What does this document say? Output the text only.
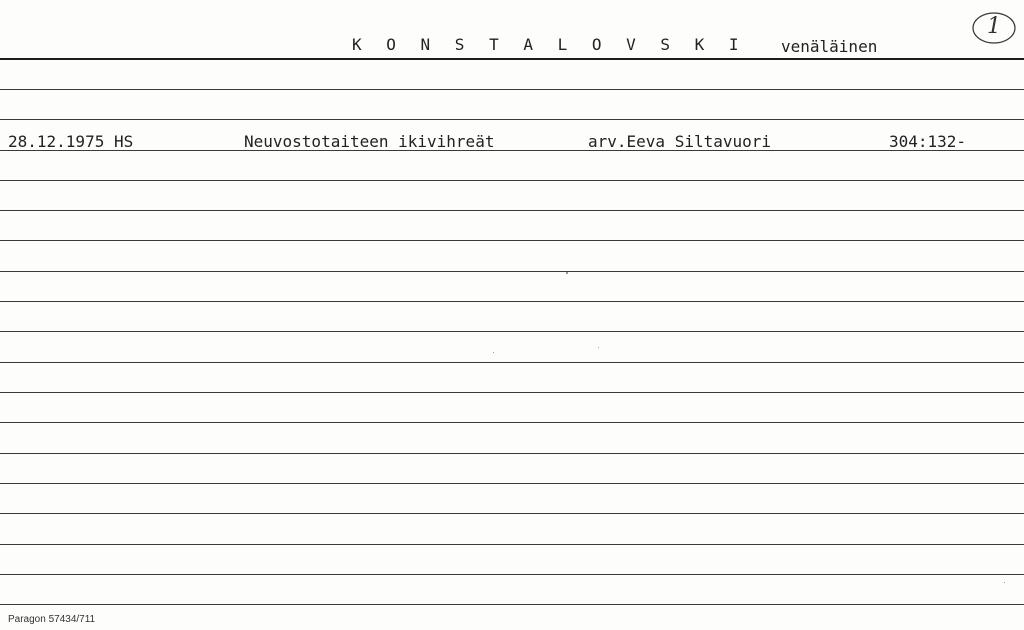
K O N S T A L O V S K I venäläinen
1
28.12.1975 HS	Neuvostotaiteen ikivihreät	arv.Eeva Siltavuori	304:132-
Paragon 57434/711
